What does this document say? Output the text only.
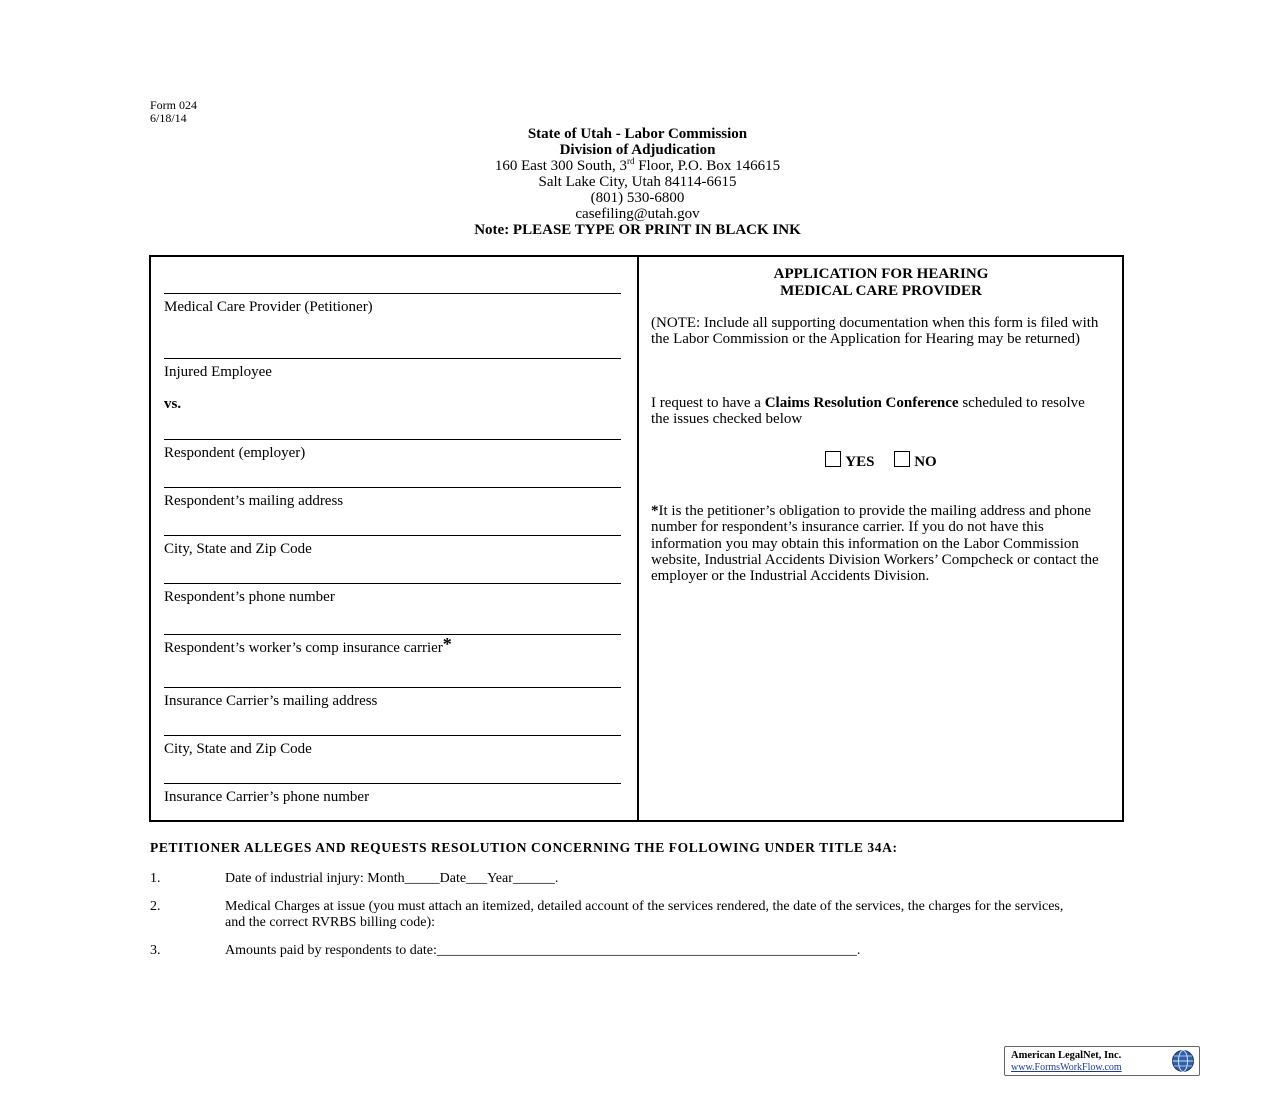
Form 024
6/18/14
State of Utah - Labor Commission
Division of Adjudication
160 East 300 South, 3rd Floor, P.O. Box 146615
Salt Lake City, Utah 84114-6615
(801) 530-6800
casefiling@utah.gov
Note: PLEASE TYPE OR PRINT IN BLACK INK
Medical Care Provider (Petitioner)
Injured Employee
vs.
Respondent (employer)
Respondent’s mailing address
City, State and Zip Code
Respondent’s phone number
Respondent’s worker’s comp insurance carrier*
Insurance Carrier’s mailing address
City, State and Zip Code
Insurance Carrier’s phone number
APPLICATION FOR HEARING
MEDICAL CARE PROVIDER
(NOTE: Include all supporting documentation when this form is filed with the Labor Commission or the Application for Hearing may be returned)
I request to have a Claims Resolution Conference scheduled to resolve the issues checked below
YES	NO
*It is the petitioner’s obligation to provide the mailing address and phone number for respondent’s insurance carrier. If you do not have this information you may obtain this information on the Labor Commission website, Industrial Accidents Division Workers’ Compcheck or contact the employer or the Industrial Accidents Division.
PETITIONER ALLEGES AND REQUESTS RESOLUTION CONCERNING THE FOLLOWING UNDER TITLE 34A:
1.	Date of industrial injury: Month_____Date___Year______.
2.	Medical Charges at issue (you must attach an itemized, detailed account of the services rendered, the date of the services, the charges for the services, and the correct RVRBS billing code):
3.	Amounts paid by respondents to date:____________________________________________________________.
American LegalNet, Inc.
www.FormsWorkFlow.com
